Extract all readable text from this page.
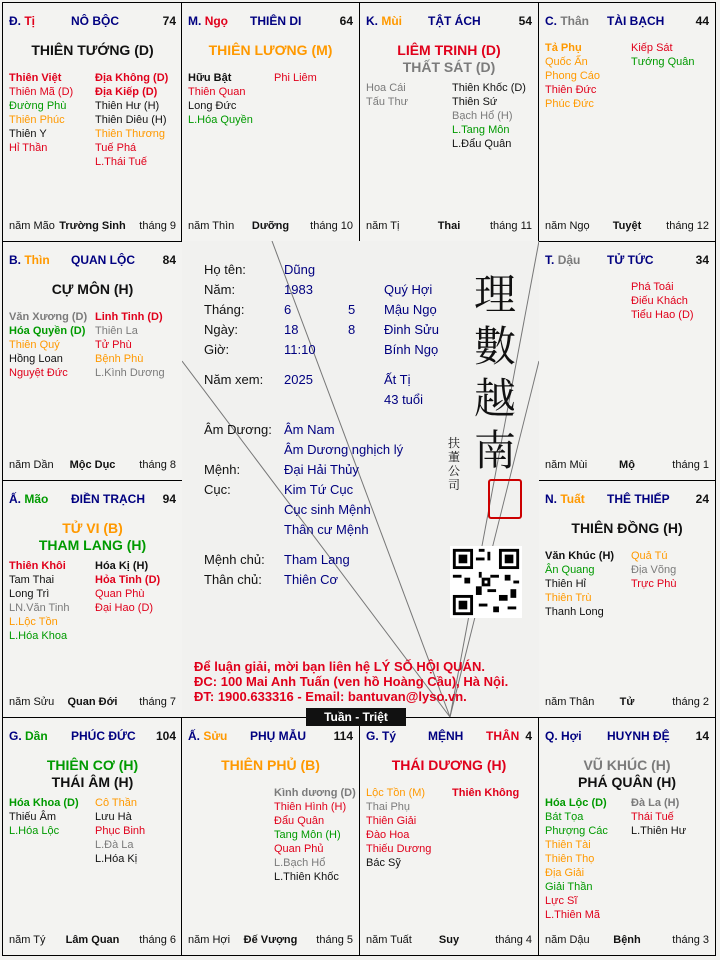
Đ. Tị	NÔ BỘC	74
THIÊN TƯỚNG (D)
Thiên Việt
Thiên Mã (D)
Đường Phù
Thiên Phúc
Thiên Y
Hỉ Thần
Địa Không (D)
Địa Kiếp (D)
Thiên Hư (H)
Thiên Diêu (H)
Thiên Thương
Tuế Phá
L.Thái Tuế
năm Mão Trường Sinh	tháng 9
M. Ngọ THIÊN DI	64
THIÊN LƯƠNG (M)
Hữu Bật
Thiên Quan
Long Đức
L.Hóa Quyền
Phi Liêm
năm Thìn	Dưỡng	tháng 10
K. Mùi TẬT ÁCH	54
LIÊM TRINH (D)
THẤT SÁT (D)
Hoa Cái
Tấu Thư
Thiên Khốc (D)
Thiên Sứ
Bạch Hổ (H)
L.Tang Môn
L.Đẩu Quân
năm Tị	Thai	tháng 11
C. Thân TÀI BẠCH	44
Tả Phụ
Quốc Ấn
Phong Cáo
Thiên Đức
Phúc Đức
Kiếp Sát
Tướng Quân
năm Ngọ	Tuyệt	tháng 12
B. Thìn QUAN LỘC 84
CỰ MÔN (H)
Văn Xương (D)
Hóa Quyền (D)
Thiên Quý
Hồng Loan
Nguyệt Đức
Linh Tinh (D)
Thiên La
Tử Phù
Bệnh Phù
L.Kình Dương
năm Dần	Mộc Dục	tháng 8
T. Dậu TỬ TỨC	34
Phá Toái
Điếu Khách
Tiểu Hao (D)
năm Mùi	Mộ	tháng 1
Ấ. Mão ĐIỀN TRẠCH 94
TỬ VI (B)
THAM LANG (H)
Thiên Khôi
Tam Thai
Long Trì
LN.Văn Tinh
L.Lộc Tồn
L.Hóa Khoa
Hóa Kị (H)
Hỏa Tinh (D)
Quan Phù
Đại Hao (D)
năm Sửu	Quan Đới	tháng 7
N. Tuất THÊ THIẾP 24
THIÊN ĐỒNG (H)
Văn Khúc (H)
Ân Quang
Thiên Hỉ
Thiên Trù
Thanh Long
Quả Tú
Địa Võng
Trực Phù
năm Thân	Tử	tháng 2
G. Dần PHÚC ĐỨC 104
THIÊN CƠ (H)
THÁI ÂM (H)
Hóa Khoa (D)
Thiếu Âm
L.Hóa Lộc
Cô Thần
Lưu Hà
Phục Binh
L.Đà La
L.Hóa Kị
năm Tý	Lâm Quan	tháng 6
Ấ. Sửu PHỤ MẪU 114
THIÊN PHỦ (B)
Kình dương (D)
Thiên Hình (H)
Đẩu Quân
Tang Môn (H)
Quan Phủ
L.Bạch Hổ
L.Thiên Khốc
năm Hợi	Đế Vượng	tháng 5
G. Tý	MỆNH THÂN 4
THÁI DƯƠNG (H)
Lộc Tồn (M)
Thai Phụ
Thiên Giải
Đào Hoa
Thiếu Dương
Bác Sỹ
Thiên Không
năm Tuất	Suy	tháng 4
Q. Hợi HUYNH ĐỆ 14
VŨ KHÚC (H)
PHÁ QUÂN (H)
Hóa Lộc (D)
Bát Tọa
Phượng Các
Thiên Tài
Thiên Thọ
Địa Giải
Giải Thần
Lực Sĩ
L.Thiên Mã
Đà La (H)
Thái Tuế
L.Thiên Hư
năm Dậu	Bệnh	tháng 3
Họ tên:	Dũng
Năm:	1983	Quý Hợi
Tháng:	6	5 Mậu Ngọ
Ngày:	18	8 Đinh Sửu
Giờ:	11:10	Bính Ngọ
Năm xem: 2025	Ất Tị
43 tuổi
Âm Dương: Âm Nam
Âm Dương nghịch lý
Mệnh:	Đại Hải Thủy
Cục:	Kim Tứ Cục
Cục sinh Mệnh
Thân cư Mệnh
Mệnh chủ: Tham Lang
Thân chủ: Thiên Cơ
理
數
越
南
扶 董 公 司
Để luận giải, mời bạn liên hệ LÝ SỐ HỘI QUÁN.
ĐC: 100 Mai Anh Tuấn (ven hồ Hoàng Cầu), Hà Nội.
ĐT: 1900.633316 - Email: bantuvan@lyso.vn.
Tuần - Triệt
